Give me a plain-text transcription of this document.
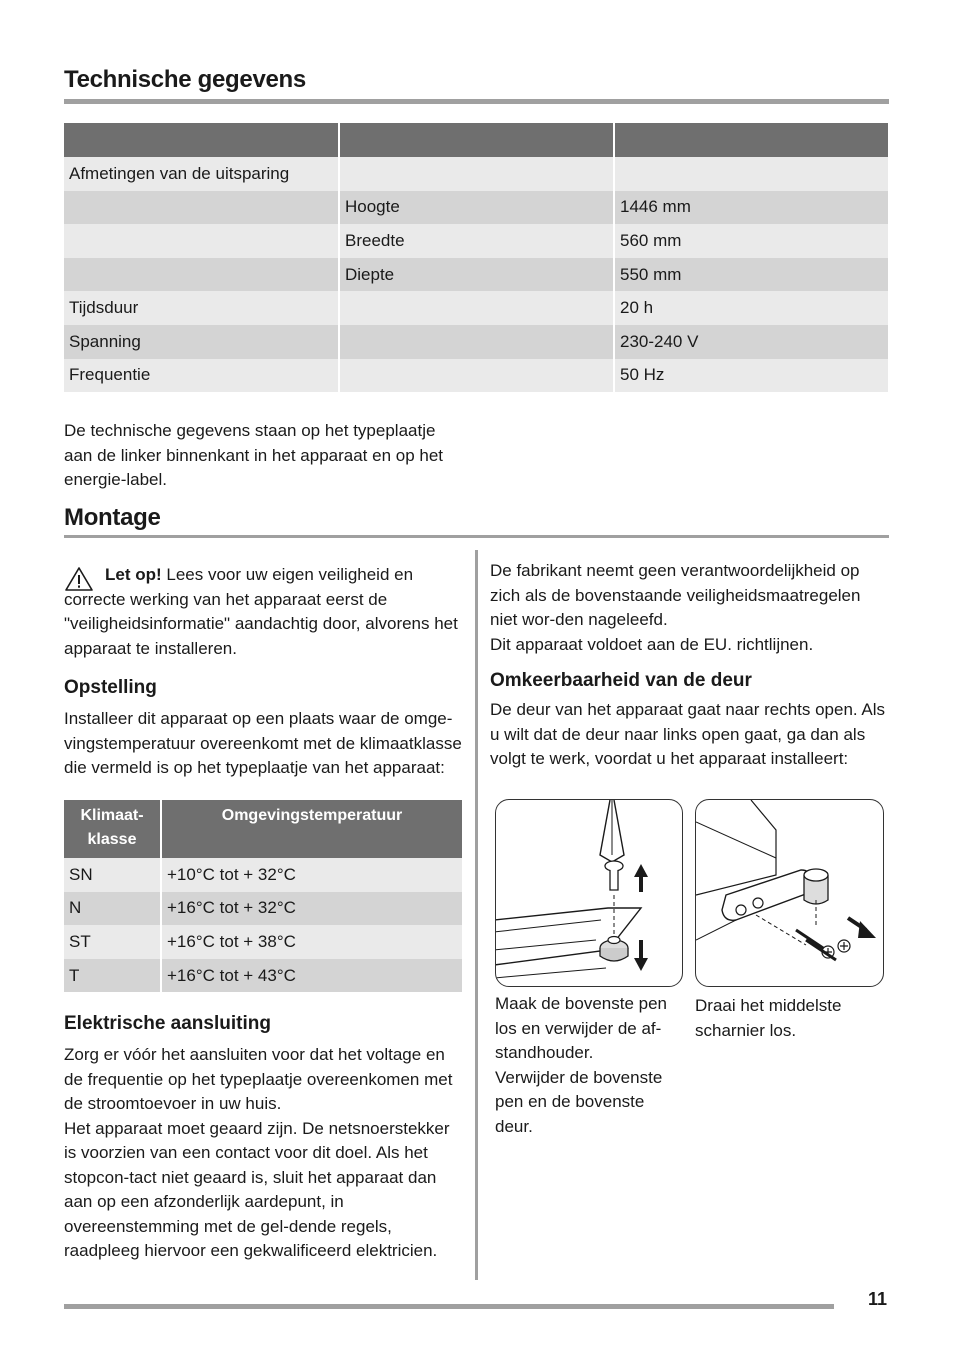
Technische gegevens

Afmetingen van de uitsparing		
	Hoogte	1446 mm
	Breedte	560 mm
	Diepte	550 mm
Tijdsduur		20 h
Spanning		230-240 V
Frequentie		50 Hz

De technische gegevens staan op het typeplaatje aan de linker binnenkant in het apparaat en op het energie-label.

Montage

Let op! Lees voor uw eigen veiligheid en correcte werking van het apparaat eerst de "veiligheidsinformatie" aandachtig door, alvorens het apparaat te installeren.

Opstelling

Installeer dit apparaat op een plaats waar de omge-vingstemperatuur overeenkomt met de klimaatklasse die vermeld is op het typeplaatje van het apparaat:

Klimaat-klasse	Omgevingstemperatuur
SN	+10°C tot + 32°C
N	+16°C tot + 32°C
ST	+16°C tot + 38°C
T	+16°C tot + 43°C
Elektrische aansluiting

Zorg er vóór het aansluiten voor dat het voltage en de frequentie op het typeplaatje overeenkomen met de stroomtoevoer in uw huis.

Het apparaat moet geaard zijn. De netsnoerstekker is voorzien van een contact voor dit doel. Als het stopcon-tact niet geaard is, sluit het apparaat dan aan op een afzonderlijk aardepunt, in overeenstemming met de gel-dende regels, raadpleeg hiervoor een gekwalificeerd elektricien.

De fabrikant neemt geen verantwoordelijkheid op zich als de bovenstaande veiligheidsmaatregelen niet wor-den nageleefd.

Dit apparaat voldoet aan de EU. richtlijnen.

Omkeerbaarheid van de deur

De deur van het apparaat gaat naar rechts open. Als u wilt dat de deur naar links open gaat, ga dan als volgt te werk, voordat u het apparaat installeert:

Maak de bovenste pen los en verwijder de af-standhouder.

Verwijder de bovenste pen en de bovenste deur.

Draai het middelste scharnier los.

11
